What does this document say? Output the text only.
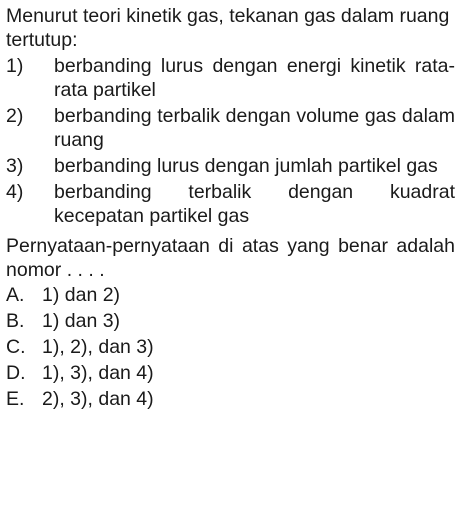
Menurut teori kinetik gas, tekanan gas dalam ruang tertutup:

1)	berbanding lurus dengan energi kinetik rata-rata partikel
2)	berbanding terbalik dengan volume gas dalam ruang
3)	berbanding lurus dengan jumlah partikel gas
4)	berbanding terbalik dengan kuadrat kecepatan partikel gas

Pernyataan-pernyataan di atas yang benar adalah nomor . . . .

A. 1) dan 2)
B. 1) dan 3)
C. 1), 2), dan 3)
D. 1), 3), dan 4)
E. 2), 3), dan 4)
